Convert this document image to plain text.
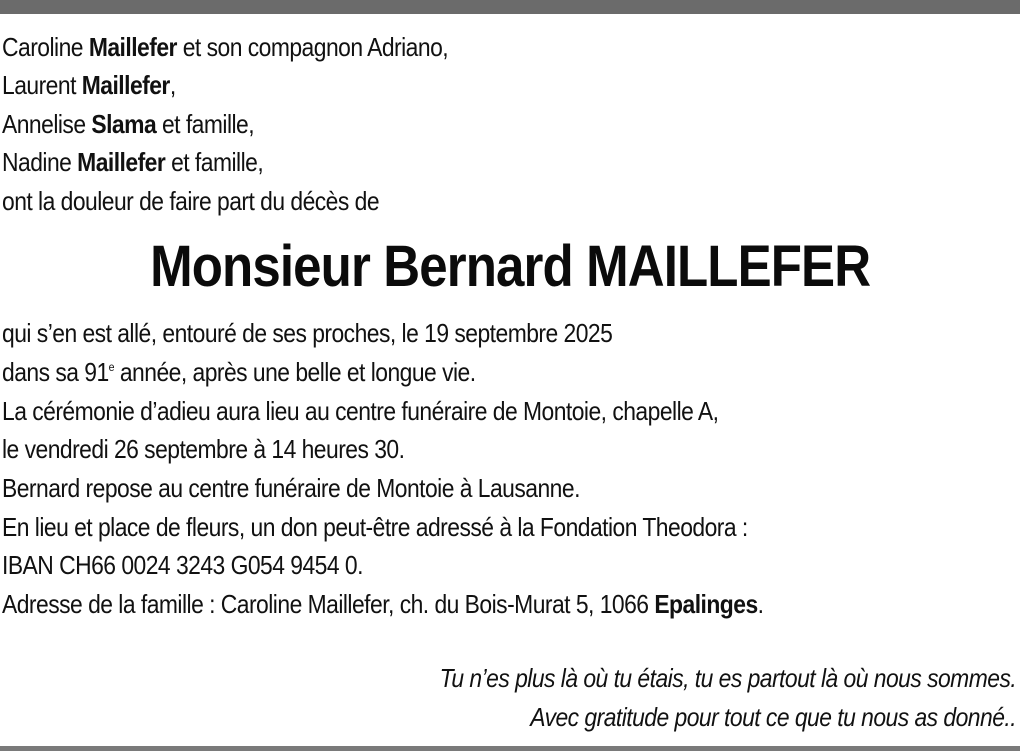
Caroline Maillefer et son compagnon Adriano,
Laurent Maillefer,
Annelise Slama et famille,
Nadine Maillefer et famille,
ont la douleur de faire part du décès de
Monsieur Bernard MAILLEFER
qui s’en est allé, entouré de ses proches, le 19 septembre 2025
dans sa 91e année, après une belle et longue vie.
La cérémonie d’adieu aura lieu au centre funéraire de Montoie, chapelle A,
le vendredi 26 septembre à 14 heures 30.
Bernard repose au centre funéraire de Montoie à Lausanne.
En lieu et place de fleurs, un don peut-être adressé à la Fondation Theodora :
IBAN CH66 0024 3243 G054 9454 0.
Adresse de la famille : Caroline Maillefer, ch. du Bois-Murat 5, 1066 Epalinges.
Tu n’es plus là où tu étais, tu es partout là où nous sommes.
Avec gratitude pour tout ce que tu nous as donné..
